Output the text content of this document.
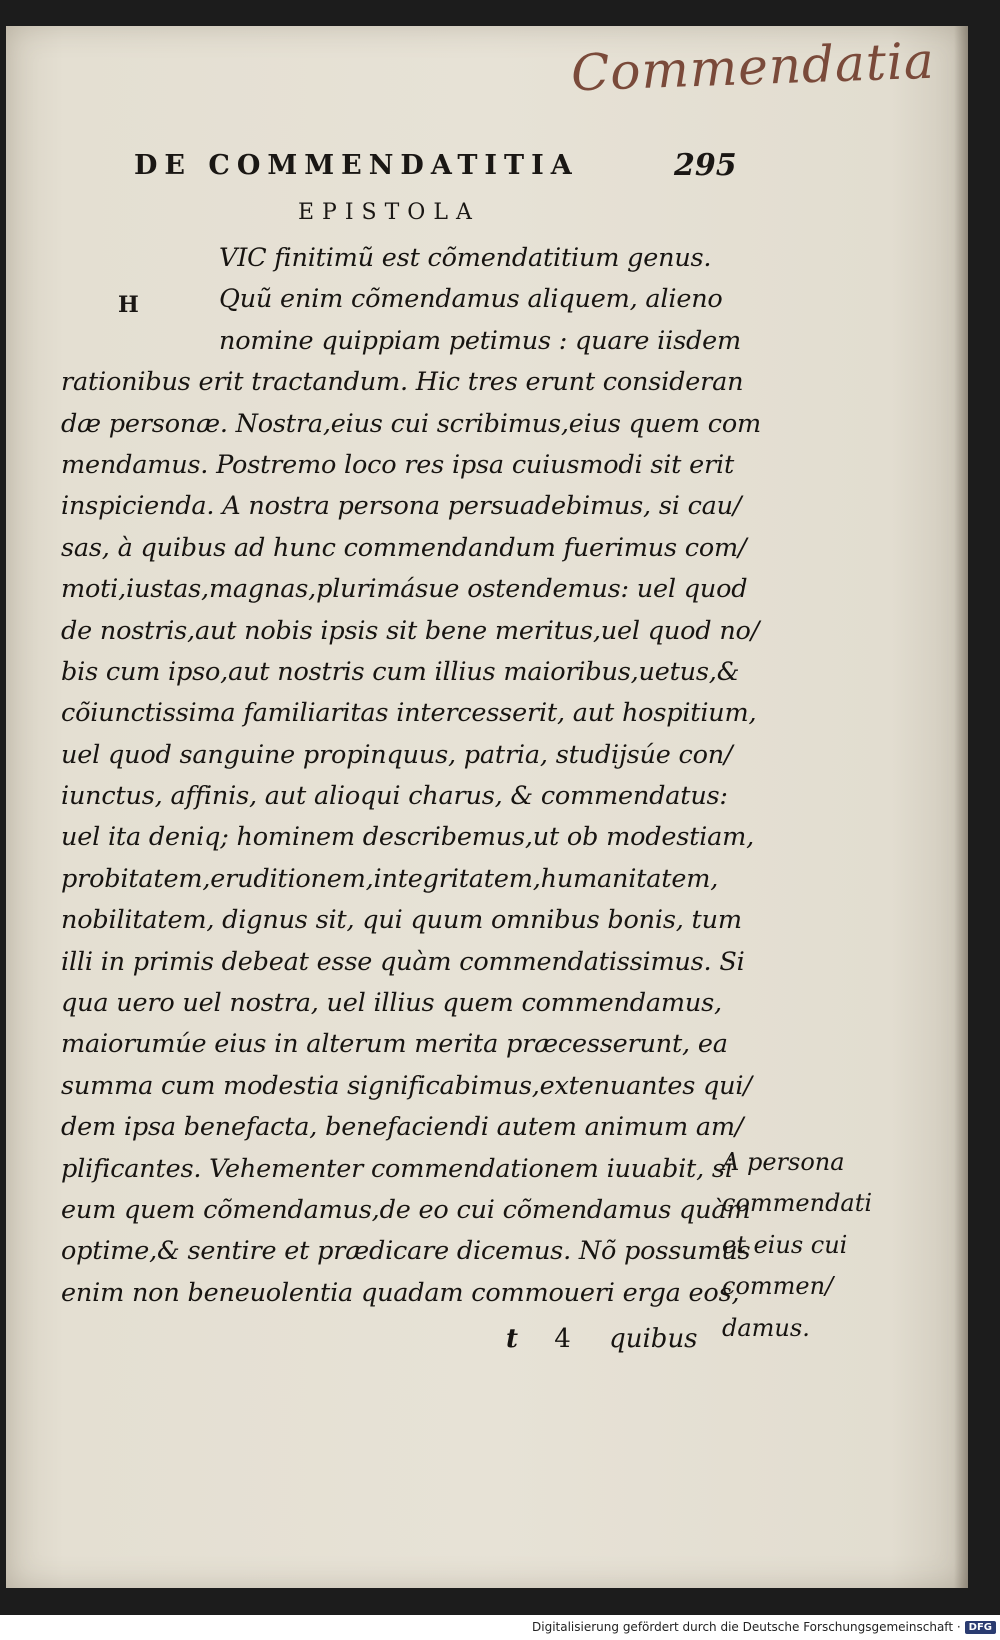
Commendatia
DE COMMENDATITIA	295
EPISTOLA
H
VIC finitimũ est cõmendatitium genus.
Quũ enim cõmendamus aliquem, alieno
nomine quippiam petimus : quare iisdem
rationibus erit tractandum. Hic tres erunt consideran
dæ personæ. Nostra,eius cui scribimus,eius quem com
mendamus. Postremo loco res ipsa cuiusmodi sit erit
inspicienda. A nostra persona persuadebimus, si cau/
sas, à quibus ad hunc commendandum fuerimus com/
moti,iustas,magnas,plurimásue ostendemus: uel quod
de nostris,aut nobis ipsis sit bene meritus,uel quod no/
bis cum ipso,aut nostris cum illius maioribus,uetus,&
cõiunctissima familiaritas intercesserit, aut hospitium,
uel quod sanguine propinquus, patria, studijsúe con/
iunctus, affinis, aut alioqui charus, & commendatus:
uel ita deniq; hominem describemus,ut ob modestiam,
probitatem,eruditionem,integritatem,humanitatem,
nobilitatem, dignus sit, qui quum omnibus bonis, tum
illi in primis debeat esse quàm commendatissimus. Si
qua uero uel nostra, uel illius quem commendamus,
maiorumúe eius in alterum merita præcesserunt, ea
summa cum modestia significabimus,extenuantes qui/
dem ipsa benefacta, benefaciendi autem animum am/
plificantes. Vehementer commendationem iuuabit, si
eum quem cõmendamus,de eo cui cõmendamus quàm
optime,& sentire et prædicare dicemus. Nõ possumus
enim non beneuolentia quadam commoueri erga eos,
t 4 quibus
A persona
commendati
et eius cui
commen/
damus.
Digitalisierung gefördert durch die Deutsche Forschungsgemeinschaft · DFG
